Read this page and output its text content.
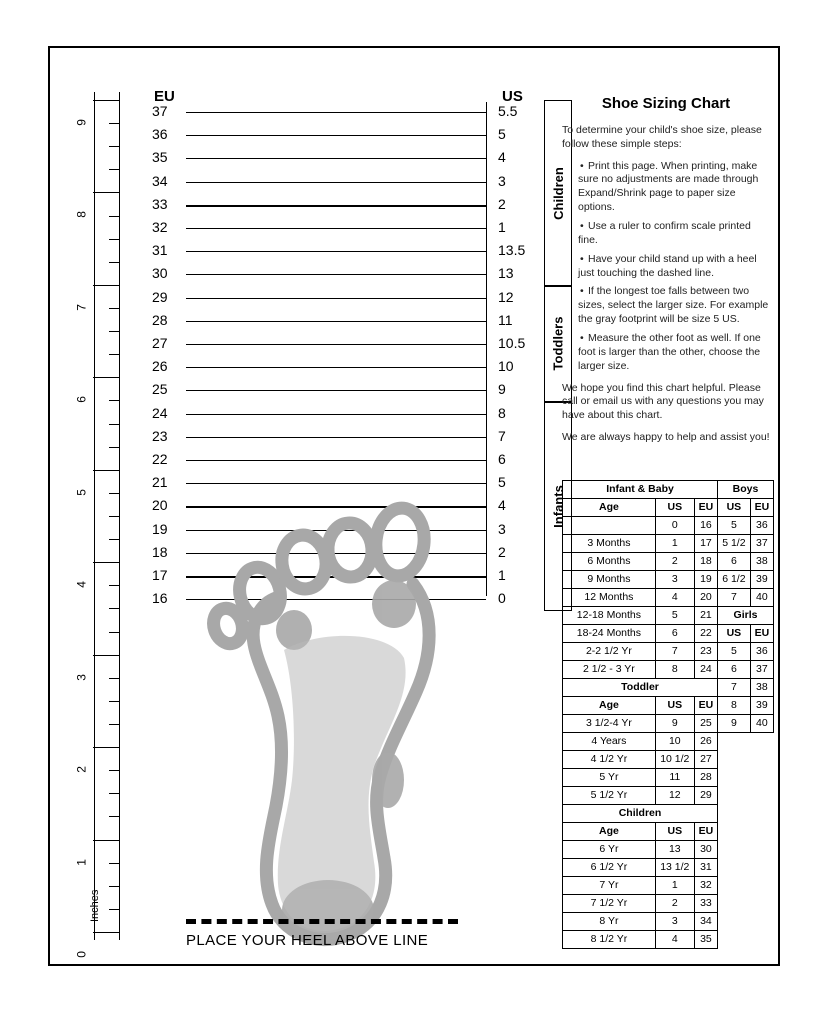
Inches
0
1
2
3
4
5
6
7
8
9
EU	US
37	5.5
36	5
35	4
34	3
33	2
32	1
31	13.5
30	13
29	12
28	11
27	10.5
26	10
25	9
24	8
23	7
22	6
21	5
20	4
19	3
18	2
17	1
16	0
Children
Toddlers
Infants
PLACE YOUR HEEL ABOVE LINE
Shoe Sizing Chart

To determine your child's shoe size, please follow these simple steps:

• Print this page. When printing, make sure no adjustments are made through Expand/Shrink page to paper size options.
• Use a ruler to confirm scale printed fine.
• Have your child stand up with a heel just touching the dashed line.
• If the longest toe falls between two sizes, select the larger size. For example the gray footprint will be size 5 US.
• Measure the other foot as well. If one foot is larger than the other, choose the larger size.

We hope you find this chart helpful. Please call or email us with any questions you may have about this chart.

We are always happy to help and assist you!

Infant & Baby			Boys	
Age	US	EU	US	EU
	0	16	5	36
3 Months	1	17	5 1/2	37
6 Months	2	18	6	38
9 Months	3	19	6 1/2	39
12 Months	4	20	7	40
12-18 Months	5	21	Girls	
18-24 Months	6	22	US	EU
2-2 1/2 Yr	7	23	5	36
2 1/2 - 3 Yr	8	24	6	37
Toddler			7	38
Age	US	EU	8	39
3 1/2-4 Yr	9	25	9	40
4 Years	10	26		
4 1/2 Yr	10 1/2	27		
5 Yr	11	28		
5 1/2 Yr	12	29		
Children				
Age	US	EU		
6 Yr	13	30		
6 1/2 Yr	13 1/2	31		
7 Yr	1	32		
7 1/2 Yr	2	33		
8 Yr	3	34		
8 1/2 Yr	4	35		
